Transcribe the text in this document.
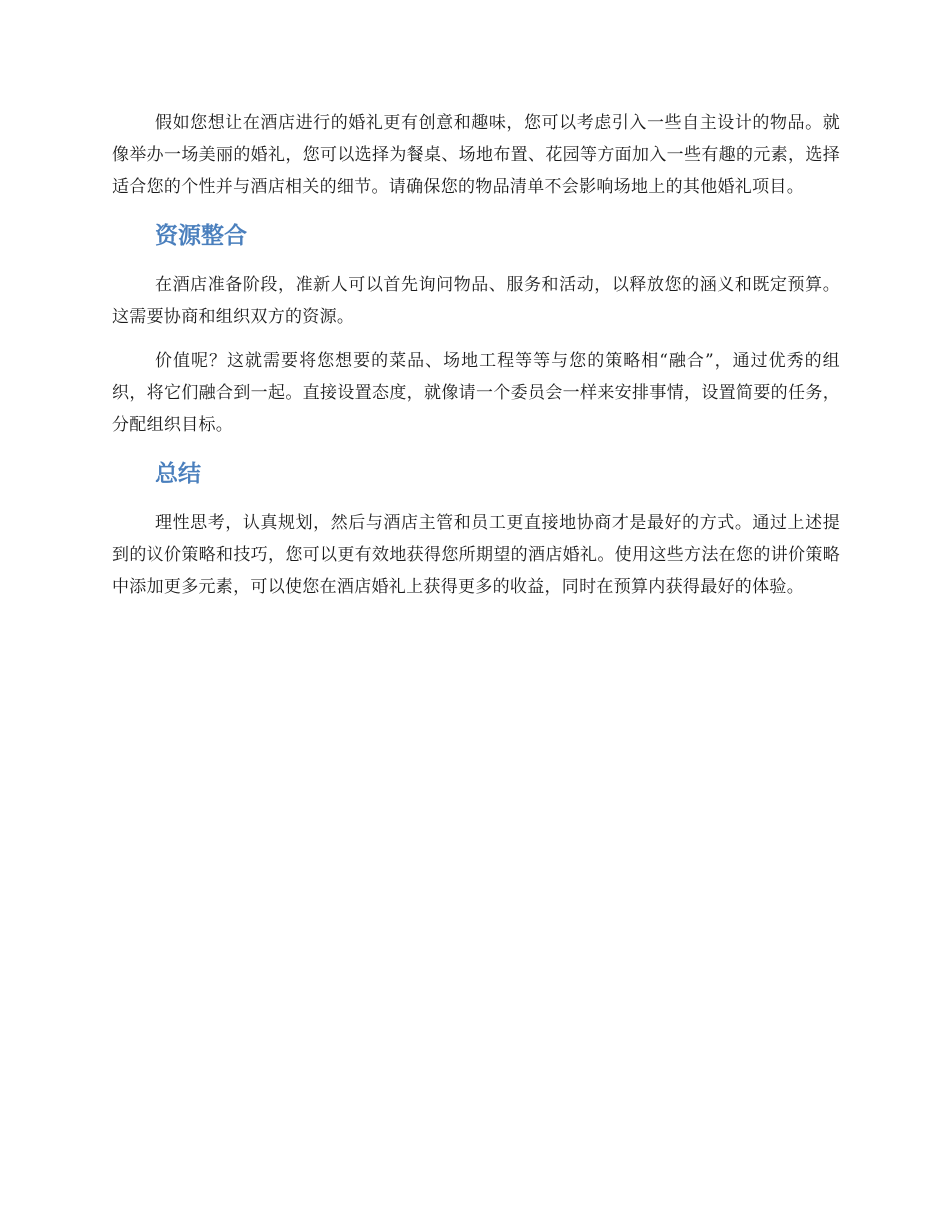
假如您想让在酒店进行的婚礼更有创意和趣味，您可以考虑引入一些自主设计的物品。就像举办一场美丽的婚礼，您可以选择为餐桌、场地布置、花园等方面加入一些有趣的元素，选择适合您的个性并与酒店相关的细节。请确保您的物品清单不会影响场地上的其他婚礼项目。

资源整合

在酒店准备阶段，准新人可以首先询问物品、服务和活动，以释放您的涵义和既定预算。这需要协商和组织双方的资源。

价值呢？这就需要将您想要的菜品、场地工程等等与您的策略相“融合”，通过优秀的组织，将它们融合到一起。直接设置态度，就像请一个委员会一样来安排事情，设置简要的任务，分配组织目标。

总结

理性思考，认真规划，然后与酒店主管和员工更直接地协商才是最好的方式。通过上述提到的议价策略和技巧，您可以更有效地获得您所期望的酒店婚礼。使用这些方法在您的讲价策略中添加更多元素，可以使您在酒店婚礼上获得更多的收益，同时在预算内获得最好的体验。
